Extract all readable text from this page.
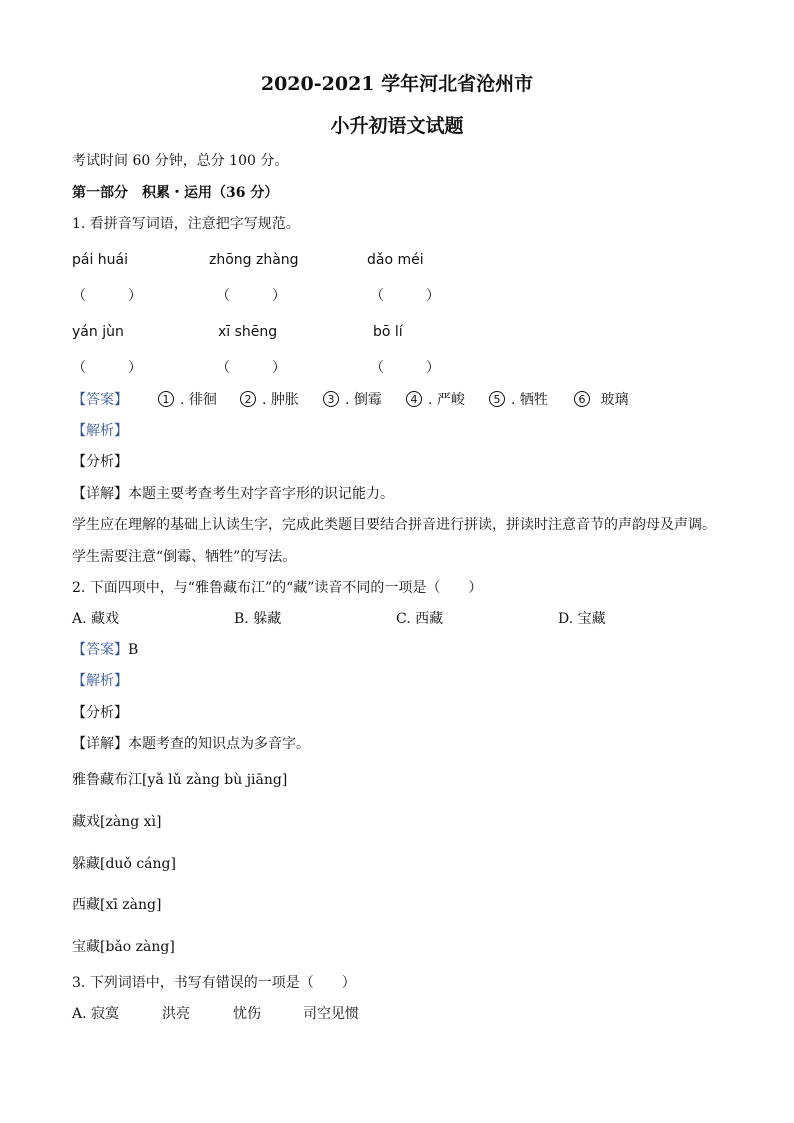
2020-2021 学年河北省沧州市
小升初语文试题
考试时间 60 分钟，总分 100 分。
第一部分　积累・运用（36 分）
1. 看拼音写词语，注意把字写规范。
pái huái	zhōng zhàng	dǎo méi
（　　　）	（　　　）	（　　　）
yán jùn	xī shēng	bō lí
（　　　）	（　　　）	（　　　）
【答案】	1 . 徘徊	2 . 肿胀	3 . 倒霉	4 . 严峻	5 . 牺牲	6 玻璃
【解析】
【分析】
【详解】本题主要考查考生对字音字形的识记能力。
学生应在理解的基础上认读生字，完成此类题目要结合拼音进行拼读，拼读时注意音节的声韵母及声调。
学生需要注意“倒霉、牺牲”的写法。
2. 下面四项中，与“雅鲁藏布江”的“藏”读音不同的一项是（　　）
A. 藏戏	B. 躲藏	C. 西藏	D. 宝藏
【答案】B
【解析】
【分析】
【详解】本题考查的知识点为多音字。
雅鲁藏布江[yǎ lǔ zàng bù jiāng]
藏戏[zàng xì]
躲藏[duǒ cáng]
西藏[xī zàng]
宝藏[bǎo zàng]
3. 下列词语中，书写有错误的一项是（　　）
A. 寂寞	洪亮	忧伤	司空见惯
